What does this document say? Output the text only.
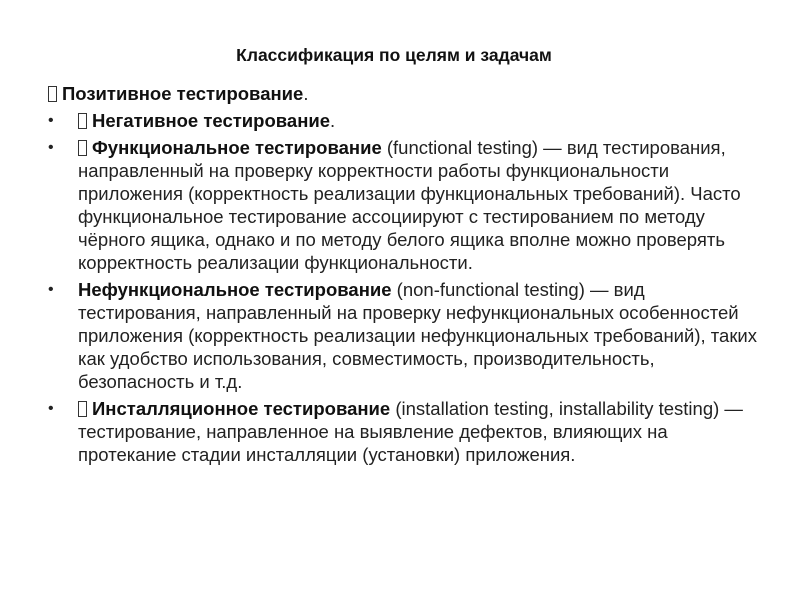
Классификация по целям и задачам
Позитивное тестирование.
•	Негативное тестирование.
•	Функциональное тестирование (functional testing) — вид тестирования, направленный на проверку корректности работы функциональности приложения (корректность реализации функциональных требований). Часто функциональное тестирование ассоциируют с тестированием по методу чёрного ящика, однако и по методу белого ящика вполне можно проверять корректность реализации функциональности.
•	Нефункциональное тестирование (non-functional testing) — вид тестирования, направленный на проверку нефункциональных особенностей приложения (корректность реализации нефункциональных требований), таких как удобство использования, совместимость, производительность, безопасность и т.д.
•	Инсталляционное тестирование (installation testing, installability testing) — тестирование, направленное на выявление дефектов, влияющих на протекание стадии инсталляции (установки) приложения.
